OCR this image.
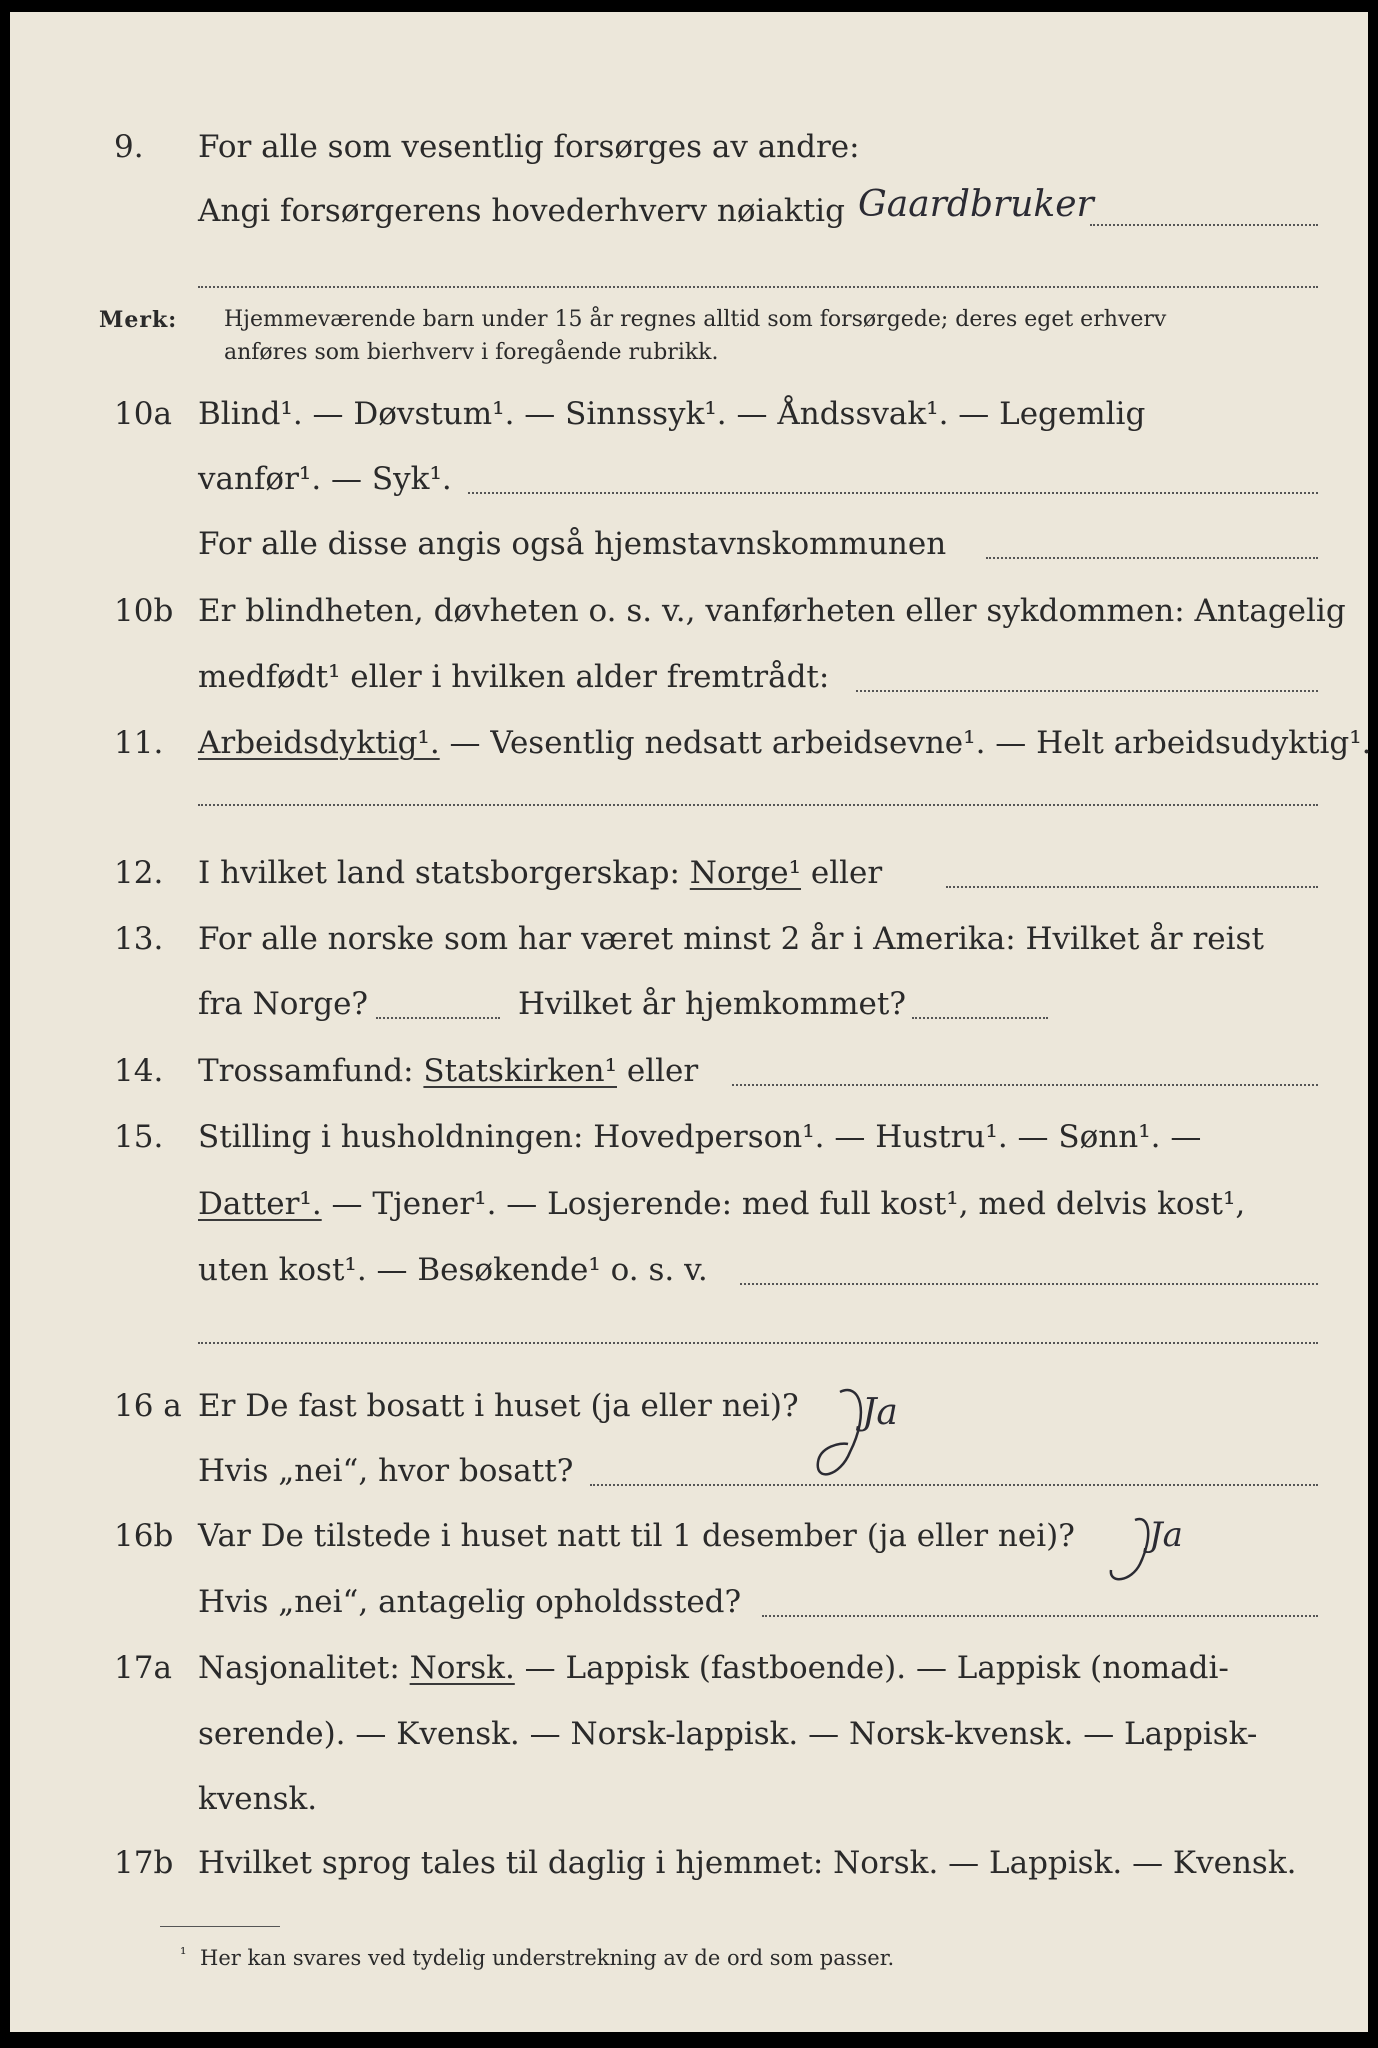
9. For alle som vesentlig forsørges av andre:
Angi forsørgerens hovederhverv nøiaktig Gaardbruker
Merk: Hjemmeværende barn under 15 år regnes alltid som forsørgede; deres eget erhverv
anføres som bierhverv i foregående rubrikk.
10a Blind¹. — Døvstum¹. — Sinnssyk¹. — Åndssvak¹. — Legemlig
vanfør¹. — Syk¹.
For alle disse angis også hjemstavnskommunen
10b Er blindheten, døvheten o. s. v., vanførheten eller sykdommen: Antagelig
medfødt¹ eller i hvilken alder fremtrådt:
11. Arbeidsdyktig¹. — Vesentlig nedsatt arbeidsevne¹. — Helt arbeidsudyktig¹.
12. I hvilket land statsborgerskap: Norge¹ eller
13. For alle norske som har været minst 2 år i Amerika: Hvilket år reist
fra Norge?	Hvilket år hjemkommet?
14. Trossamfund: Statskirken¹ eller
15. Stilling i husholdningen: Hovedperson¹. — Hustru¹. — Sønn¹. —
Datter¹. — Tjener¹. — Losjerende: med full kost¹, med delvis kost¹,
uten kost¹. — Besøkende¹ o. s. v.
16 a Er De fast bosatt i huset (ja eller nei)? Ja
Hvis „nei“, hvor bosatt?
16b Var De tilstede i huset natt til 1 desember (ja eller nei)? Ja
Hvis „nei“, antagelig opholdssted?
17a Nasjonalitet: Norsk. — Lappisk (fastboende). — Lappisk (nomadi-
serende). — Kvensk. — Norsk-lappisk. — Norsk-kvensk. — Lappisk-
kvensk.
17b Hvilket sprog tales til daglig i hjemmet: Norsk. — Lappisk. — Kvensk.
¹ Her kan svares ved tydelig understrekning av de ord som passer.
